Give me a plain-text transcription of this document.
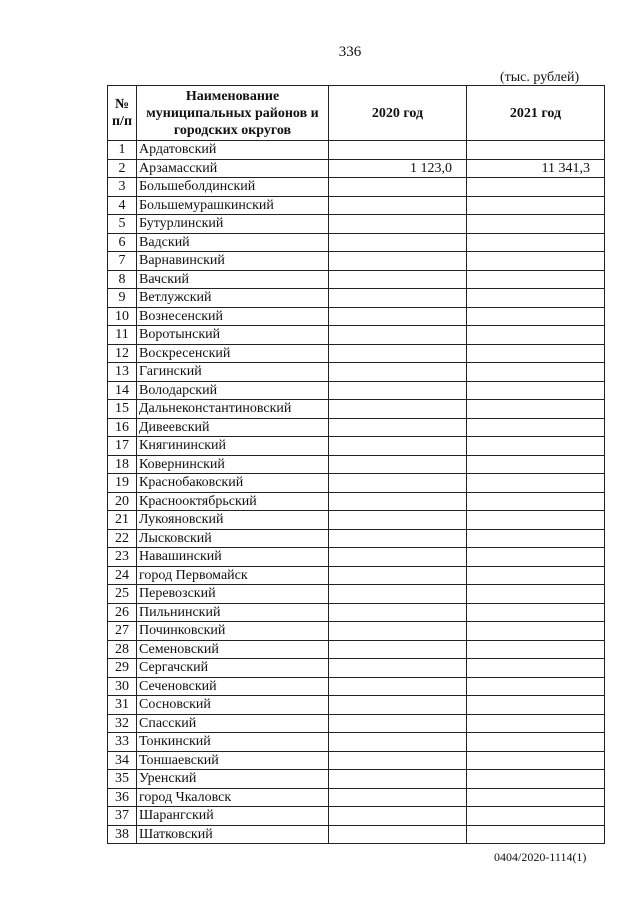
336
(тыс. рублей)
№ п/п	Наименование муниципальных районов и городских округов	2020 год	2021 год
1	Ардатовский		
2	Арзамасский	1 123,0	11 341,3
3	Большеболдинский		
4	Большемурашкинский		
5	Бутурлинский		
6	Вадский		
7	Варнавинский		
8	Вачский		
9	Ветлужский		
10	Вознесенский		
11	Воротынский		
12	Воскресенский		
13	Гагинский		
14	Володарский		
15	Дальнеконстантиновский		
16	Дивеевский		
17	Княгининский		
18	Ковернинский		
19	Краснобаковский		
20	Краснооктябрьский		
21	Лукояновский		
22	Лысковский		
23	Навашинский		
24	город Первомайск		
25	Перевозский		
26	Пильнинский		
27	Починковский		
28	Семеновский		
29	Сергачский		
30	Сеченовский		
31	Сосновский		
32	Спасский		
33	Тонкинский		
34	Тоншаевский		
35	Уренский		
36	город Чкаловск		
37	Шарангский		
38	Шатковский		
0404/2020-1114(1)
